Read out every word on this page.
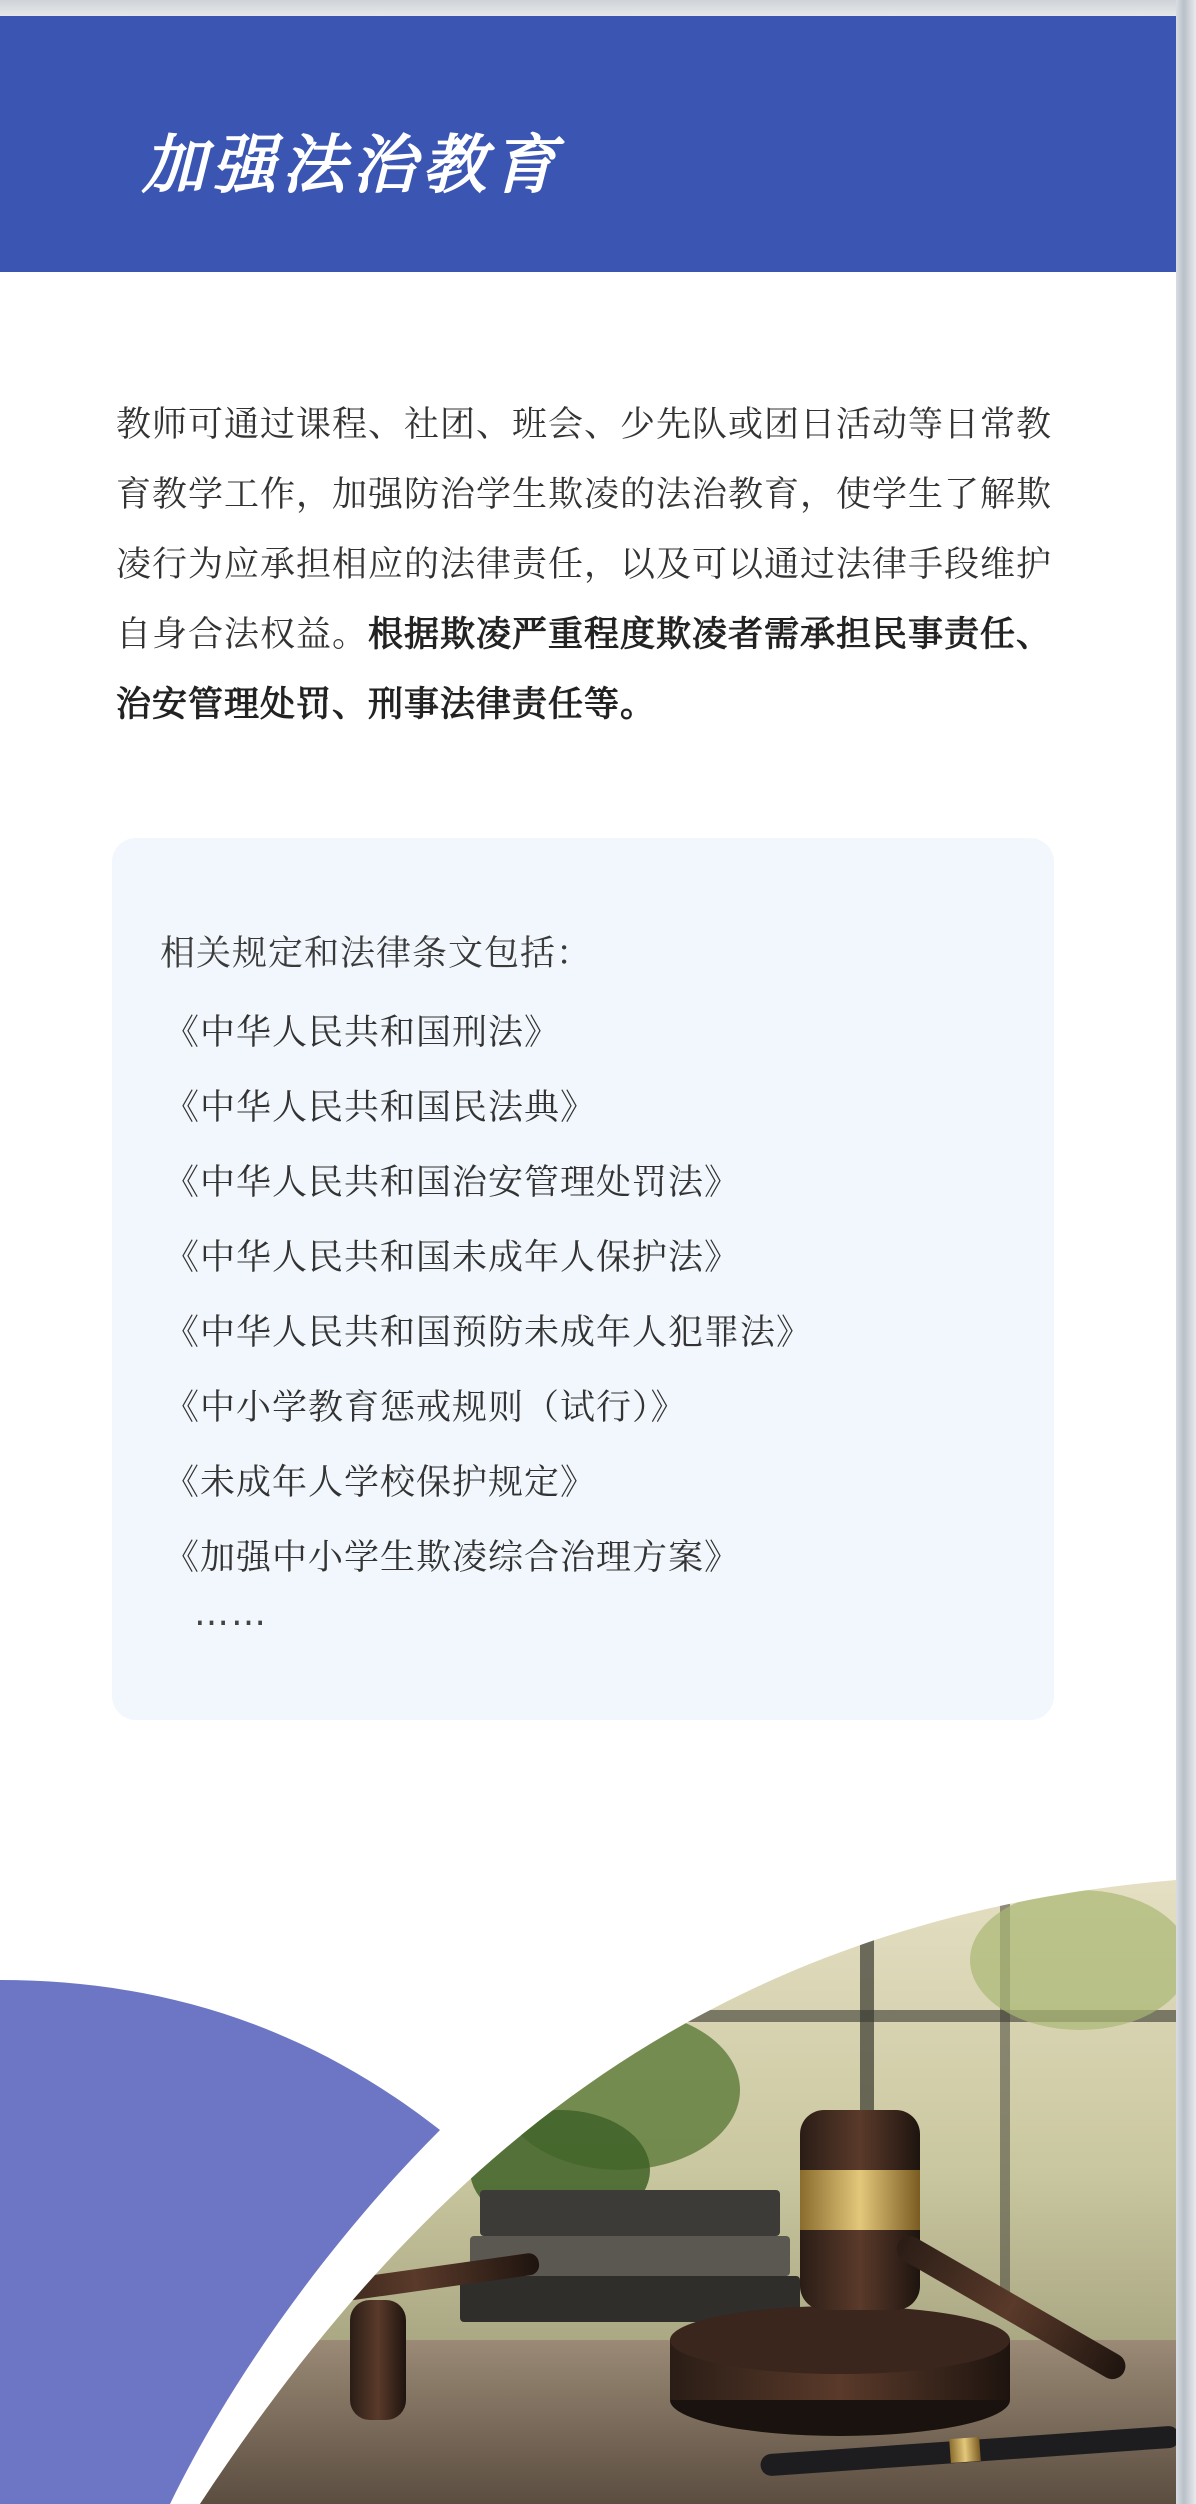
加强法治教育
教师可通过课程、社团、班会、少先队或团日活动等日常教育教学工作，加强防治学生欺凌的法治教育，使学生了解欺凌行为应承担相应的法律责任，以及可以通过法律手段维护自身合法权益。根据欺凌严重程度欺凌者需承担民事责任、治安管理处罚、刑事法律责任等。
相关规定和法律条文包括：
《中华人民共和国刑法》
《中华人民共和国民法典》
《中华人民共和国治安管理处罚法》
《中华人民共和国未成年人保护法》
《中华人民共和国预防未成年人犯罪法》
《中小学教育惩戒规则（试行）》
《未成年人学校保护规定》
《加强中小学生欺凌综合治理方案》
……
